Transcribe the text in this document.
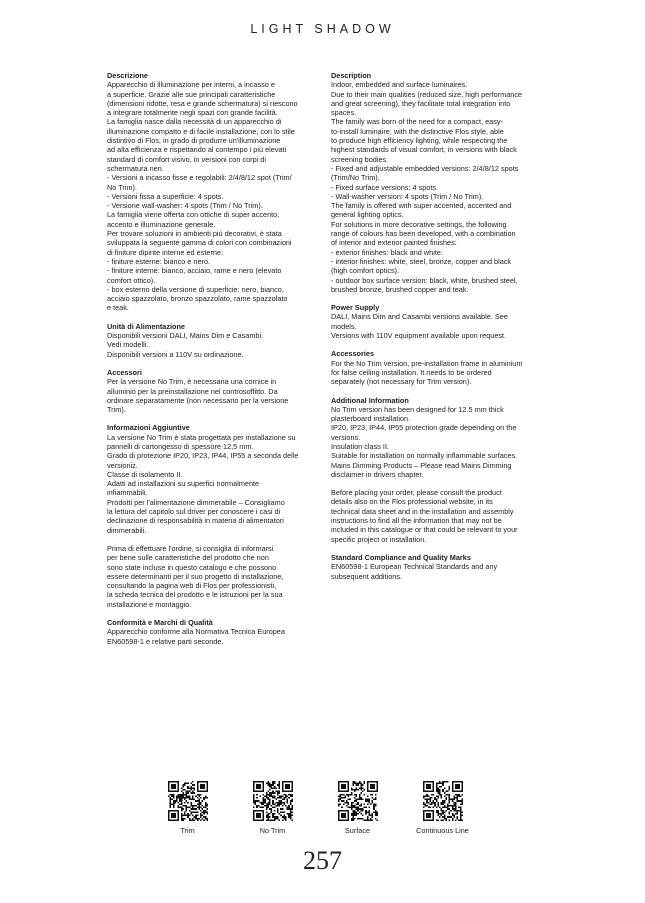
LIGHT SHADOW
Descrizione
Apparecchio di illuminazione per interni, a incasso e
a superficie. Grazie alle sue principali caratteristiche
(dimensioni ridotte, resa e grande schermatura) si riescono
a integrare totalmente negli spazi con grande facilità.
La famiglia nasce dalla necessità di un apparecchio di
illuminazione compatto e di facile installazione, con lo stile
distintivo di Flos, in grado di produrre un'illuminazione
ad alta efficienza e rispettando al contempo i più elevati
standard di comfort visivo, in versioni con corpi di
schermatura neri.
- Versioni a incasso fisse e regolabili: 2/4/8/12 spot (Trim/
No Trim).
- Versioni fissa a superficie: 4 spots.
- Versione wall-washer: 4 spots (Trim / No Trim).
La famiglia viene offerta con ottiche di super accento,
accento e illuminazione generale.
Per trovare soluzioni in ambienti più decorativi, è stata
sviluppata la seguente gamma di colori con combinazioni
di finiture dipinte interne ed esterne:
- finiture esterne: bianco e nero.
- finiture interne: bianco, acciaio, rame e nero (elevato
comfort ottico).
- box esterno della versione di superficie: nero, bianco,
acciaio spazzolato, bronzo spazzolato, rame spazzolato
e teak.
Unità di Alimentazione
Disponibili versioni DALI, Mains Dim e Casambi.
Vedi modelli.
Disponibili versioni a 110V su ordinazione.
Accessori
Per la versione No Trim, è necessaria una cornice in
alluminio per la preinstallazione nel controsoffitto. Da
ordinare separatamente (non necessario per la versione
Trim).
Informazioni Aggiuntive
La versione No Trim è stata progettata per installazione su
pannelli di cartongesso di spessore 12,5 mm.
Grado di protezione IP20, IP23, IP44, IP55 a seconda delle
versioniz.
Classe di isolamento II.
Adatti ad installazioni su superfici normalmente
infiammabili.
Prodotti per l'alimentazione dimmerabile – Consigliamo
la lettura del capitolo sul driver per conoscere i casi di
declinazione di responsabilità in materia di alimentatori
dimmerabili.
Prima di effettuare l'ordine, si consiglia di informarsi
per bene sulle caratteristiche del prodotto che non
sono state incluse in questo catalogo e che possono
essere determinanti per il suo progetto di installazione,
consultando la pagina web di Flos per professionisti,
la scheda tecnica del prodotto e le istruzioni per la sua
installazione e montaggio.
Conformità e Marchi di Qualità
Apparecchio conforme alla Normativa Tecnica Europea
EN60598-1 e relative parti seconde.
Description
Indoor, embedded and surface luminaires.
Due to their main qualities (reduced size, high performance
and great screening), they facilitate total integration into
spaces.
The family was born of the need for a compact, easy-
to-install luminaire, with the distinctive Flos style, able
to produce high efficiency lighting, while respecting the
highest standards of visual comfort, in versions with black
screening bodies.
- Fixed and adjustable embedded versions: 2/4/8/12 spots
(Trim/No Trim).
- Fixed surface versions: 4 spots.
- Wall-washer version: 4 spots (Trim / No Trim).
The family is offered with super accented, accented and
general lighting optics.
For solutions in more decorative settings, the following
range of colours has been developed, with a combination
of interior and exterior painted finishes:
- exterior finishes: black and white.
- interior finishes: white, steel, bronze, copper and black
(high comfort optics).
- outdoor box surface version: black, white, brushed steel,
brushed bronze, brushed copper and teak.
Power Supply
DALI, Mains Dim and Casambi versions available. See
models.
Versions with 110V equipment available upon request.
Accessories
For the No Trim version, pre-installation frame in aluminium
for false ceiling installation. It needs to be ordered
separately (not necessary for Trim version).
Additional Information
No Trim version has been designed for 12.5 mm thick
plasterboard installation.
IP20, IP23, IP44, IP55 protection grade depending on the
versions.
Insulation class II.
Suitable for installation on normally inflammable surfaces.
Mains Dimming Products – Please read Mains Dimming
disclaimer in drivers chapter.
Before placing your order, please consult the product
details also on the Flos professional website, in its
technical data sheet and in the installation and assembly
instructions to find all the information that may not be
included in this catalogue or that could be relevant to your
specific project or installation.
Standard Compliance and Quality Marks
EN60598-1 European Technical Standards and any
subsequent additions.
Trim	No Trim	Surface	Continuous Line
257
